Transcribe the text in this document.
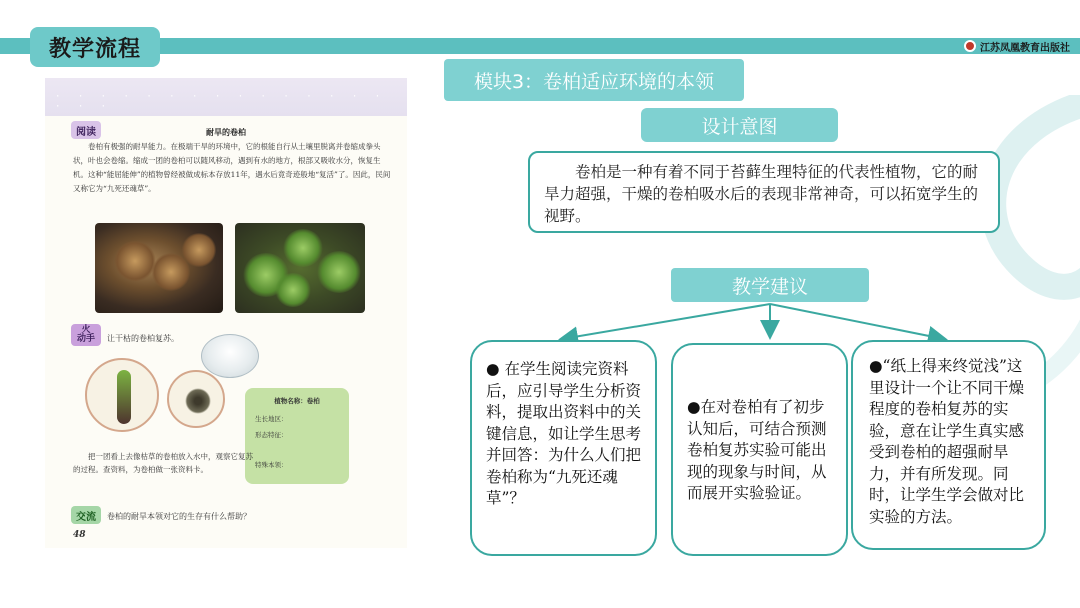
教学流程	江苏凤凰教育出版社
· · · · · · · · · · · · · · · · · ·
阅读	耐旱的卷柏
卷柏有极强的耐旱能力。在极端干旱的环境中，它的根能自行从土壤里脱离并卷缩成拳头状，叶也会卷缩。缩成一团的卷柏可以随风移动，遇到有水的地方，根部又吸收水分，恢复生机。这种“能屈能伸”的植物曾经被做成标本存放11年，遇水后竟奇迹般地“复活”了。因此，民间又称它为“九死还魂草”。
火
动手 让干枯的卷柏复苏。
植物名称：卷柏
生长地区：
形态特征：
特殊本领：
把一团看上去像枯草的卷柏放入水中，观察它复苏的过程。查资料，为卷柏做一张资料卡。
交流	卷柏的耐旱本领对它的生存有什么帮助？
48
模块3：卷柏适应环境的本领
设计意图

卷柏是一种有着不同于苔藓生理特征的代表性植物，它的耐旱力超强，干燥的卷柏吸水后的表现非常神奇，可以拓宽学生的视野。

教学建议

● 在学生阅读完资料后，应引导学生分析资料，提取出资料中的关键信息，如让学生思考并回答：为什么人们把卷柏称为“九死还魂草”？

●在对卷柏有了初步认知后，可结合预测卷柏复苏实验可能出现的现象与时间，从而展开实验验证。

●“纸上得来终觉浅”这里设计一个让不同干燥程度的卷柏复苏的实验，意在让学生真实感受到卷柏的超强耐旱力，并有所发现。同时，让学生学会做对比实验的方法。
